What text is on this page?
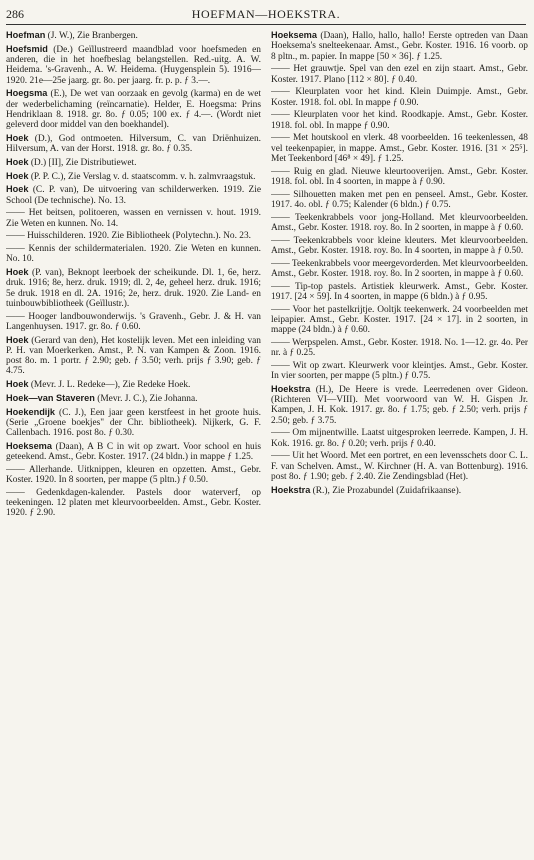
286	HOEFMAN—HOEKSTRA.

Hoefman (J. W.), Zie Branbergen.

Hoefsmid (De.) Geïllustreerd maandblad voor hoefsmeden en anderen, die in het hoefbeslag belangstellen. Red.-uitg. A. W. Heidema. 's-Gravenh., A. W. Heidema. (Huygensplein 5). 1916—1920. 21e—25e jaarg. gr. 8o. per jaarg. fr. p. p. ƒ 3.—.

Hoegsma (E.), De wet van oorzaak en gevolg (karma) en de wet der wederbelichaming (reïncarnatie). Helder, E. Hoegsma: Prins Hendriklaan 8. 1918. gr. 8o. ƒ 0.05; 100 ex. ƒ 4.—. (Wordt niet geleverd door middel van den boekhandel).

Hoek (D.), God ontmoeten. Hilversum, C. van Driënhuizen. Hilversum, A. van der Horst. 1918. gr. 8o. ƒ 0.35.

Hoek (D.) [II], Zie Distributiewet.

Hoek (P. P. C.), Zie Verslag v. d. staatscomm. v. h. zalmvraagstuk.

Hoek (C. P. van), De uitvoering van schilderwerken. 1919. Zie School (De technische). No. 13.

—— Het beitsen, politoeren, wassen en vernissen v. hout. 1919. Zie Weten en kunnen. No. 14.

—— Huisschilderen. 1920. Zie Bibliotheek (Polytechn.). No. 23.

—— Kennis der schildermaterialen. 1920. Zie Weten en kunnen. No. 10.

Hoek (P. van), Beknopt leerboek der scheikunde. Dl. 1, 6e, herz. druk. 1916; 8e, herz. druk. 1919; dl. 2, 4e, geheel herz. druk. 1916; 5e druk. 1918 en dl. 2A. 1916; 2e, herz. druk. 1920. Zie Land- en tuinbouwbibliotheek (Geïllustr.).

—— Hooger landbouwonderwijs. 's Gravenh., Gebr. J. & H. van Langenhuysen. 1917. gr. 8o. ƒ 0.60.

Hoek (Gerard van den), Het kostelijk leven. Met een inleiding van P. H. van Moerkerken. Amst., P. N. van Kampen & Zoon. 1916. post 8o. m. 1 portr. ƒ 2.90; geb. ƒ 3.50; verh. prijs ƒ 3.90; geb. ƒ 4.75.

Hoek (Mevr. J. L. Redeke—), Zie Redeke Hoek.

Hoek—van Staveren (Mevr. J. C.), Zie Johanna.

Hoekendijk (C. J.), Een jaar geen kerstfeest in het groote huis. (Serie „Groene boekjes" der Chr. bibliotheek). Nijkerk, G. F. Callenbach. 1916. post 8o. ƒ 0.30.

Hoeksema (Daan), A B C in wit op zwart. Voor school en huis geteekend. Amst., Gebr. Koster. 1917. (24 bldn.) in mappe ƒ 1.25.

—— Allerhande. Uitknippen, kleuren en opzetten. Amst., Gebr. Koster. 1920. In 8 soorten, per mappe (5 pltn.) ƒ 0.50.

—— Gedenkdagen-kalender. Pastels door waterverf, op teekeningen. 12 platen met kleurvoorbeelden. Amst., Gebr. Koster. 1920. ƒ 2.90.

Hoeksema (Daan), Hallo, hallo, hallo! Eerste optreden van Daan Hoeksema's snelteekenaar. Amst., Gebr. Koster. 1916. 16 voorb. op 8 pltn., m. papier. In mappe [50 × 36]. ƒ 1.25.

—— Het grauwtje. Spel van den ezel en zijn staart. Amst., Gebr. Koster. 1917. Plano [112 × 80]. ƒ 0.40.

—— Kleurplaten voor het kind. Klein Duimpje. Amst., Gebr. Koster. 1918. fol. obl. In mappe ƒ 0.90.

—— Kleurplaten voor het kind. Roodkapje. Amst., Gebr. Koster. 1918. fol. obl. In mappe ƒ 0.90.

—— Met houtskool en vlerk. 48 voorbeelden. 16 teekenlessen, 48 vel teekenpapier, in mappe. Amst., Gebr. Koster. 1916. [31 × 25⁵]. Met Teekenbord [46⁸ × 49]. ƒ 1.25.

—— Ruig en glad. Nieuwe kleurtooverijen. Amst., Gebr. Koster. 1918. fol. obl. In 4 soorten, in mappe à ƒ 0.90.

—— Silhouetten maken met pen en penseel. Amst., Gebr. Koster. 1917. 4o. obl. ƒ 0.75; Kalender (6 bldn.) ƒ 0.75.

—— Teekenkrabbels voor jong-Holland. Met kleurvoorbeelden. Amst., Gebr. Koster. 1918. roy. 8o. In 2 soorten, in mappe à ƒ 0.60.

—— Teekenkrabbels voor kleine kleuters. Met kleurvoorbeelden. Amst., Gebr. Koster. 1918. roy. 8o. In 4 soorten, in mappe à ƒ 0.50.

—— Teekenkrabbels voor meergevorderden. Met kleurvoorbeelden. Amst., Gebr. Koster. 1918. roy. 8o. In 2 soorten, in mappe à ƒ 0.60.

—— Tip-top pastels. Artistiek kleurwerk. Amst., Gebr. Koster. 1917. [24 × 59]. In 4 soorten, in mappe (6 bldn.) à ƒ 0.95.

—— Voor het pastelkrijtje. Ooltjk teekenwerk. 24 voorbeelden met leipapier. Amst., Gebr. Koster. 1917. [24 × 17]. in 2 soorten, in mappe (24 bldn.) à ƒ 0.60.

—— Werpspelen. Amst., Gebr. Koster. 1918. No. 1—12. gr. 4o. Per nr. à ƒ 0.25.

—— Wit op zwart. Kleurwerk voor kleintjes. Amst., Gebr. Koster. In vier soorten, per mappe (5 pltn.) ƒ 0.75.

Hoekstra (H.), De Heere is vrede. Leerredenen over Gideon. (Richteren VI—VIII). Met voorwoord van W. H. Gispen Jr. Kampen, J. H. Kok. 1917. gr. 8o. ƒ 1.75; geb. ƒ 2.50; verh. prijs ƒ 2.50; geb. ƒ 3.75.

—— Om mijnentwille. Laatst uitgesproken leerrede. Kampen, J. H. Kok. 1916. gr. 8o. ƒ 0.20; verh. prijs ƒ 0.40.

—— Uit het Woord. Met een portret, en een levensschets door C. L. F. van Schelven. Amst., W. Kirchner (H. A. van Bottenburg). 1916. post 8o. ƒ 1.90; geb. ƒ 2.40. Zie Zendingsblad (Het).

Hoekstra (R.), Zie Prozabundel (Zuidafrikaanse).
